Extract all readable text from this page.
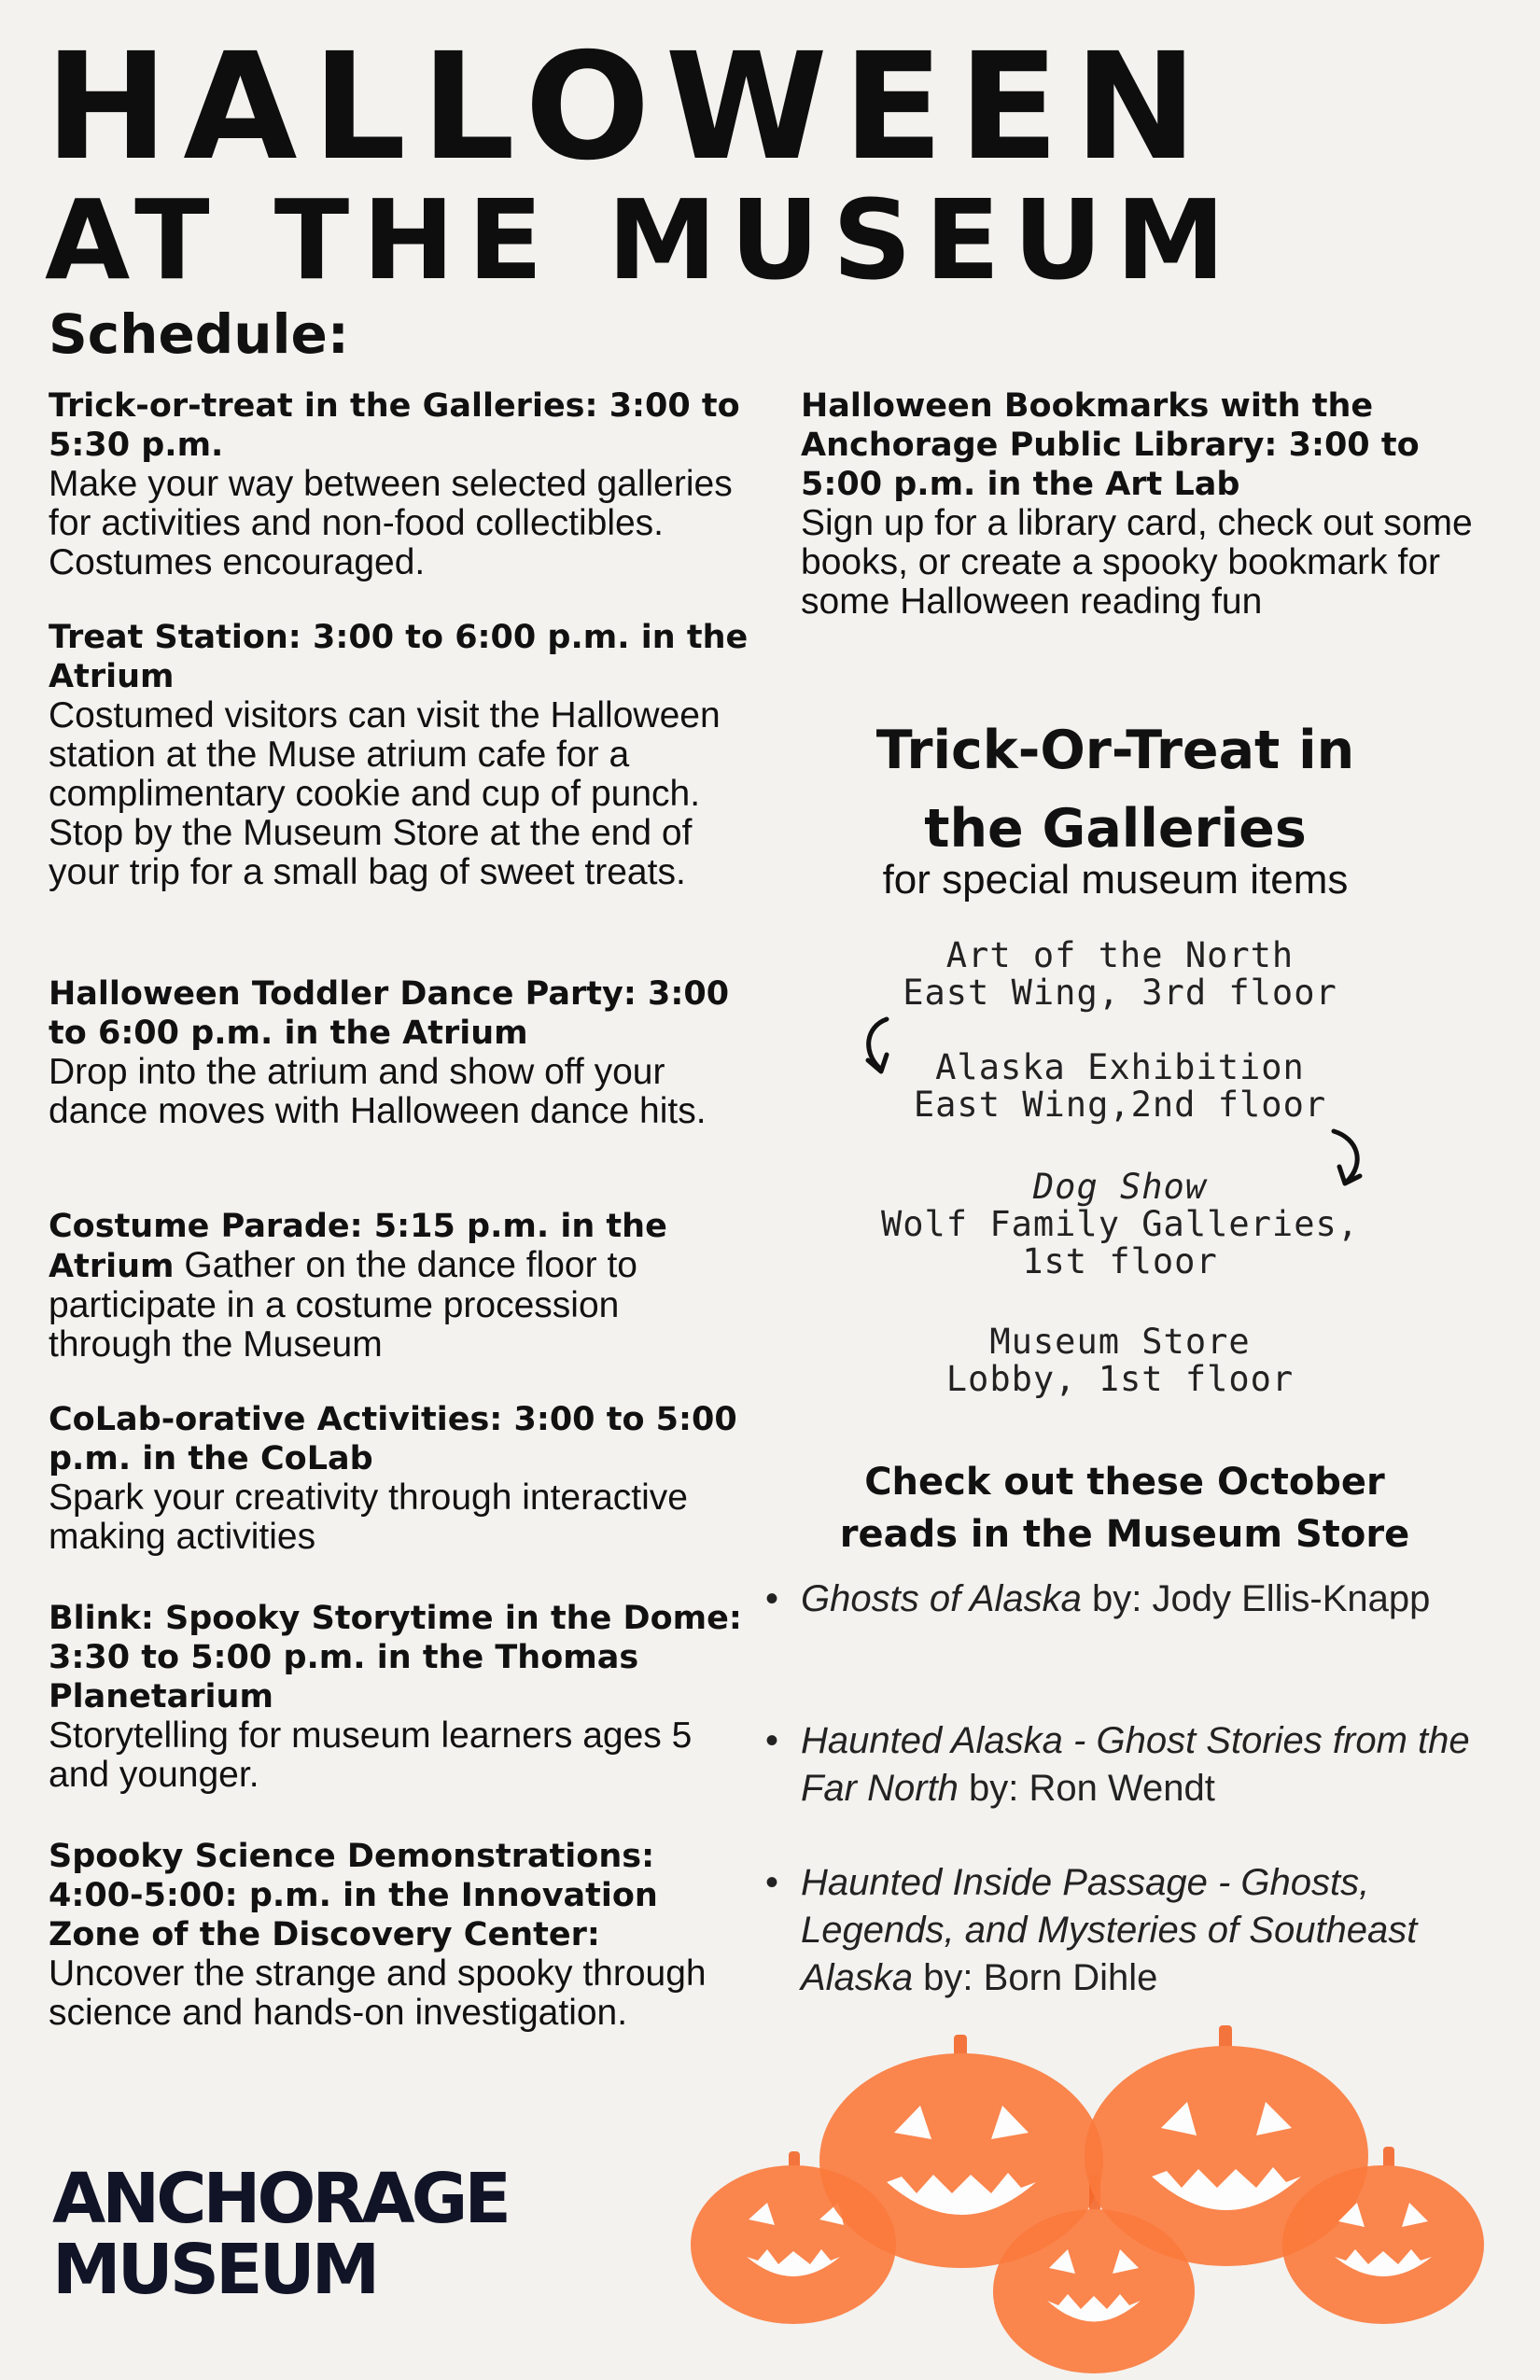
HALLOWEEN
AT THE MUSEUM
Schedule:
Trick-or-treat in the Galleries: 3:00 to 5:30 p.m.
Make your way between selected galleries for activities and non-food collectibles. Costumes encouraged.
Treat Station: 3:00 to 6:00 p.m. in the Atrium
Costumed visitors can visit the Halloween station at the Muse atrium cafe for a complimentary cookie and cup of punch. Stop by the Museum Store at the end of your trip for a small bag of sweet treats.
Halloween Toddler Dance Party: 3:00 to 6:00 p.m. in the Atrium
Drop into the atrium and show off your dance moves with Halloween dance hits.
Costume Parade: 5:15 p.m. in the Atrium Gather on the dance floor to participate in a costume procession through the Museum
CoLab-orative Activities: 3:00 to 5:00 p.m. in the CoLab
Spark your creativity through interactive making activities
Blink: Spooky Storytime in the Dome: 3:30 to 5:00 p.m. in the Thomas Planetarium
Storytelling for museum learners ages 5 and younger.
Spooky Science Demonstrations: 4:00-5:00: p.m. in the Innovation Zone of the Discovery Center:
Uncover the strange and spooky through science and hands-on investigation.
Halloween Bookmarks with the Anchorage Public Library: 3:00 to 5:00 p.m. in the Art Lab
Sign up for a library card, check out some books, or create a spooky bookmark for some Halloween reading fun
Trick-Or-Treat in
the Galleries
for special museum items
Art of the North
East Wing, 3rd floor
Alaska Exhibition
East Wing,2nd floor
Dog Show
Wolf Family Galleries,
1st floor
Museum Store
Lobby, 1st floor
Check out these October
reads in the Museum Store
• Ghosts of Alaska by: Jody Ellis-Knapp
• Haunted Alaska - Ghost Stories from the Far North by: Ron Wendt
• Haunted Inside Passage - Ghosts, Legends, and Mysteries of Southeast Alaska by: Born Dihle
ANCHORAGE
MUSEUM
